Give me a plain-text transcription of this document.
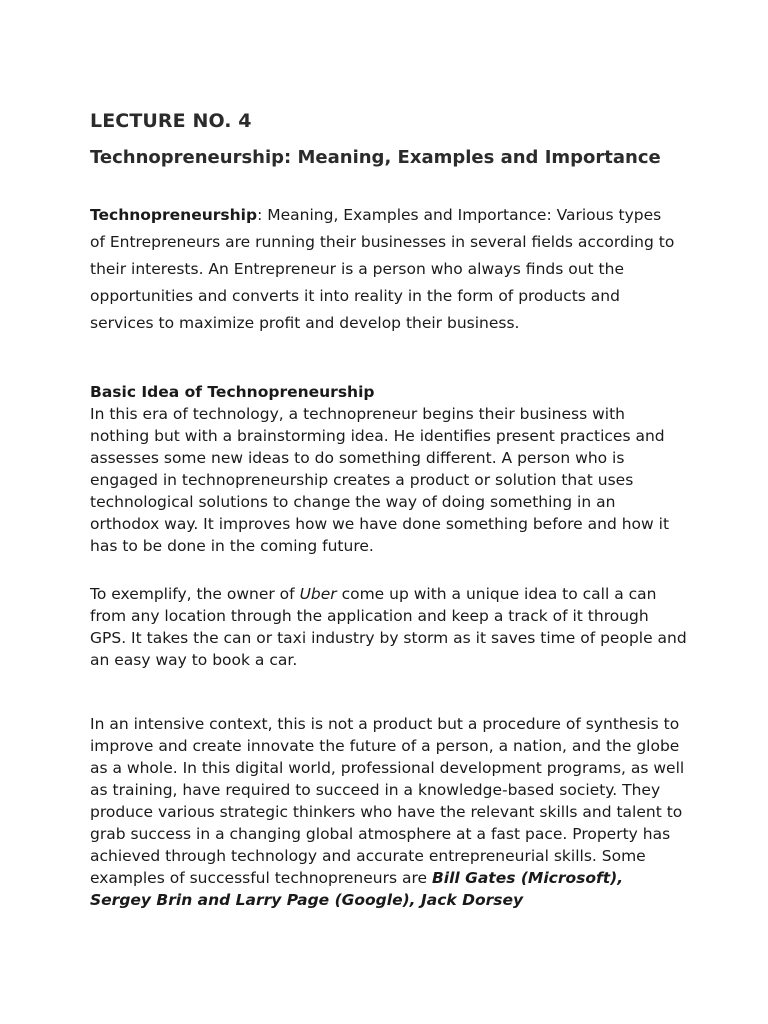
LECTURE NO. 4
Technopreneurship: Meaning, Examples and Importance

Technopreneurship: Meaning, Examples and Importance: Various types of Entrepreneurs are running their businesses in several fields according to their interests. An Entrepreneur is a person who always finds out the opportunities and converts it into reality in the form of products and services to maximize profit and develop their business.

Basic Idea of Technopreneurship

In this era of technology, a technopreneur begins their business with nothing but with a brainstorming idea. He identifies present practices and assesses some new ideas to do something different. A person who is engaged in technopreneurship creates a product or solution that uses technological solutions to change the way of doing something in an orthodox way. It improves how we have done something before and how it has to be done in the coming future.

To exemplify, the owner of Uber come up with a unique idea to call a can from any location through the application and keep a track of it through GPS. It takes the can or taxi industry by storm as it saves time of people and an easy way to book a car.

In an intensive context, this is not a product but a procedure of synthesis to improve and create innovate the future of a person, a nation, and the globe as a whole. In this digital world, professional development programs, as well as training, have required to succeed in a knowledge-based society. They produce various strategic thinkers who have the relevant skills and talent to grab success in a changing global atmosphere at a fast pace. Property has achieved through technology and accurate entrepreneurial skills. Some examples of successful technopreneurs are Bill Gates (Microsoft), Sergey Brin and Larry Page (Google), Jack Dorsey
